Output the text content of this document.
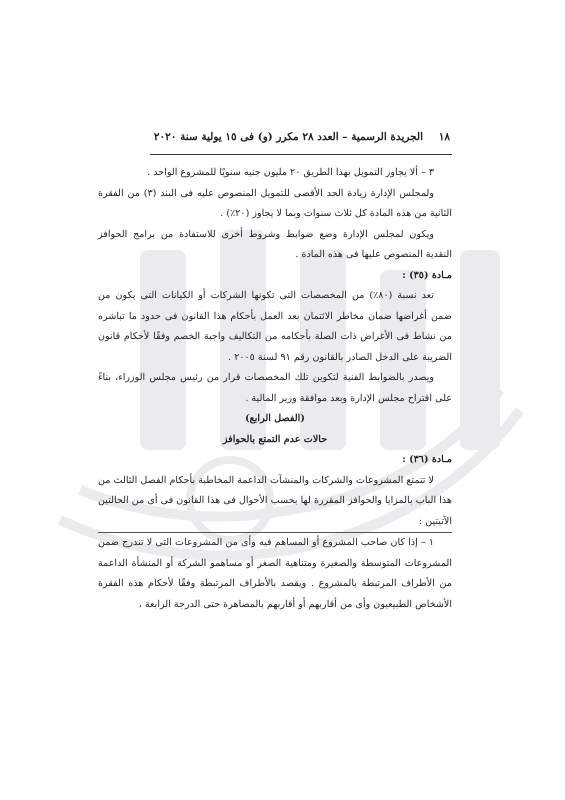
١٨ الجريدة الرسمية – العدد ٢٨ مكرر (و) فى ١٥ يولية سنة ٢٠٢٠

٣ – ألا يجاوز التمويل بهذا الطريق ٢٠ مليون جنيه سنويًا للمشروع الواحد .

ولمجلس الإدارة زيادة الحد الأقصى للتمويل المنصوص عليه فى البند (٣) من الفقرة الثانية من هذه المادة كل ثلاث سنوات وبما لا يجاوز (٢٠٪) .

ويكون لمجلس الإدارة وضع ضوابط وشروط أخرى للاستفادة من برامج الحوافز النقدية المنصوص عليها فى هذه المادة .

مـادة (٣٥) :

تعد نسبة (٨٠٪) من المخصصات التى تكونها الشركات أو الكيانات التى يكون من ضمن أغراضها ضمان مخاطر الائتمان بعد العمل بأحكام هذا القانون فى حدود ما تباشره من نشاط فى الأغراض ذات الصلة بأحكامه من التكاليف واجبة الخصم وفقًا لأحكام قانون الضريبة على الدخل الصادر بالقانون رقم ٩١ لسنة ٢٠٠٥ .

ويصدر بالضوابط الفنية لتكوين تلك المخصصات قرار من رئيس مجلس الوزراء، بناءً على اقتراح مجلس الإدارة وبعد موافقة وزير المالية .

(الفصل الرابع)

حالات عدم التمتع بالحوافز

مـادة (٣٦) :

لا تتمتع المشروعات والشركات والمنشآت الداعمة المخاطبة بأحكام الفصل الثالث من هذا الباب بالمزايا والحوافز المقررة لها بحسب الأحوال فى هذا القانون فى أى من الحالتين الآتيتين :

١ – إذا كان صاحب المشروع أو المساهم فيه وأى من المشروعات التى لا تندرج ضمن المشروعات المتوسطة والصغيرة ومتناهية الصغر أو مساهمو الشركة أو المنشأة الداعمة من الأطراف المرتبطة بالمشروع . ويقصد بالأطراف المرتبطة وفقًا لأحكام هذه الفقرة الأشخاص الطبيعيون وأى من أقاربهم أو أقاربهم بالمصاهرة حتى الدرجة الرابعة ،
